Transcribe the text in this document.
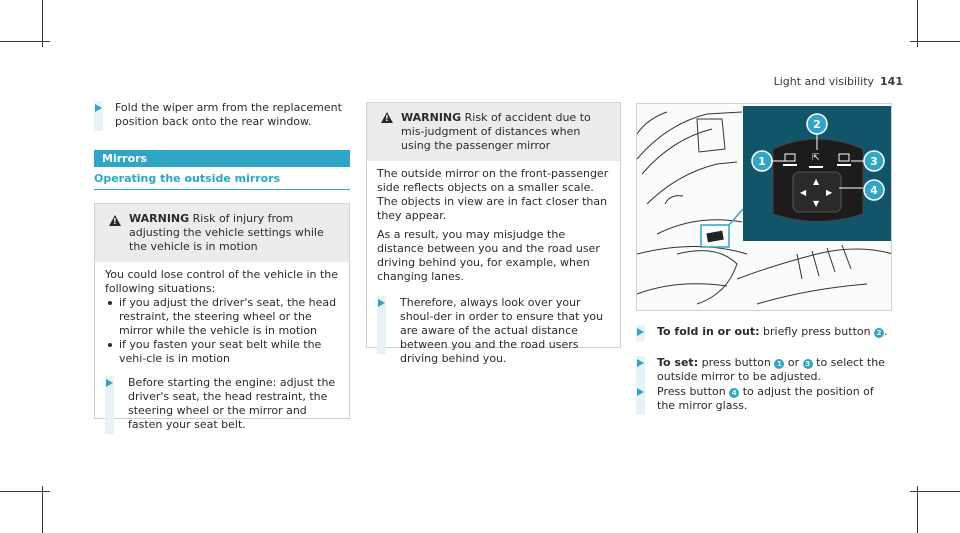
Light and visibility 141
Fold the wiper arm from the replacement position back onto the rear window.
Mirrors
Operating the outside mirrors
! WARNING Risk of injury from adjusting the vehicle settings while the vehicle is in motion
You could lose control of the vehicle in the following situations:
if you adjust the driver's seat, the head restraint, the steering wheel or the mirror while the vehicle is in motion
if you fasten your seat belt while the vehi-cle is in motion
Before starting the engine: adjust the driver's seat, the head restraint, the steering wheel or the mirror and fasten your seat belt.
! WARNING Risk of accident due to mis-judgment of distances when using the passenger mirror
The outside mirror on the front-passenger side reflects objects on a smaller scale. The objects in view are in fact closer than they appear.
As a result, you may misjudge the distance between you and the road user driving behind you, for example, when changing lanes.
Therefore, always look over your shoul-der in order to ensure that you are aware of the actual distance between you and the road users driving behind you.
▲
▼
◀ ▶
⇱
1
2
3
4
To fold in or out: briefly press button 2 .
To set: press button 1 or 3 to select the outside mirror to be adjusted.
Press button 4 to adjust the position of the mirror glass.
